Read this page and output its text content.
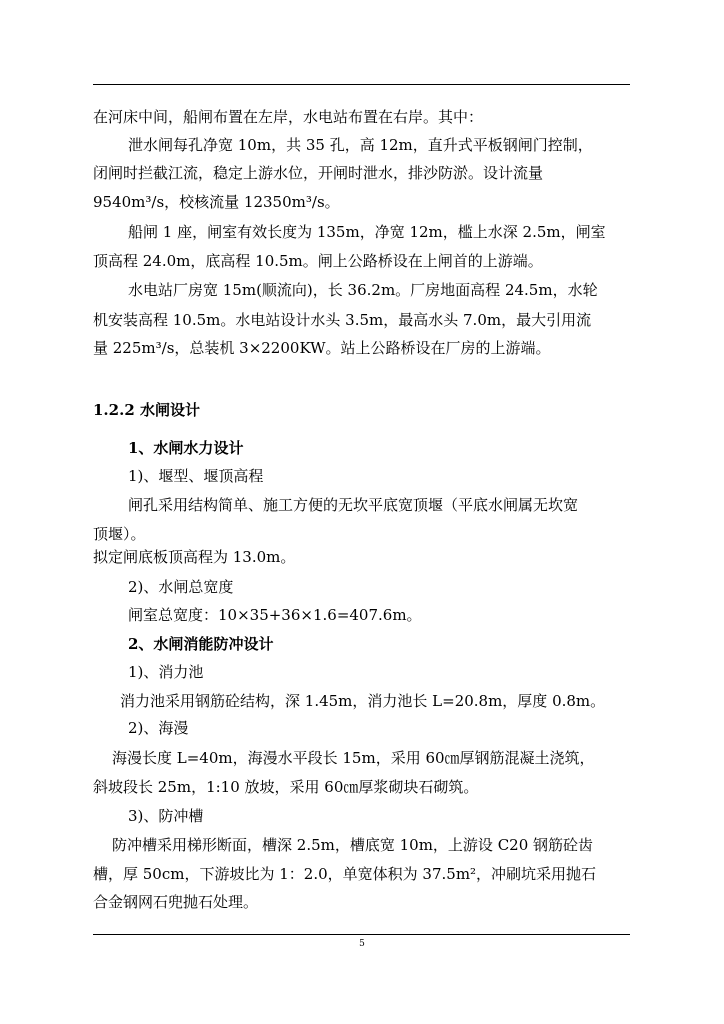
在河床中间，船闸布置在左岸，水电站布置在右岸。其中：
泄水闸每孔净宽 10m，共 35 孔，高 12m，直升式平板钢闸门控制，
闭闸时拦截江流，稳定上游水位，开闸时泄水，排沙防淤。设计流量
9540m³/s，校核流量 12350m³/s。
船闸 1 座，闸室有效长度为 135m，净宽 12m，槛上水深 2.5m，闸室
顶高程 24.0m，底高程 10.5m。闸上公路桥设在上闸首的上游端。
水电站厂房宽 15m(顺流向)，长 36.2m。厂房地面高程 24.5m，水轮
机安装高程 10.5m。水电站设计水头 3.5m，最高水头 7.0m，最大引用流
量 225m³/s，总装机 3×2200KW。站上公路桥设在厂房的上游端。
1.2.2 水闸设计
1、水闸水力设计
1)、堰型、堰顶高程
闸孔采用结构简单、施工方便的无坎平底宽顶堰（平底水闸属无坎宽
顶堰）。
拟定闸底板顶高程为 13.0m。
2)、水闸总宽度
闸室总宽度：10×35+36×1.6=407.6m。
2、水闸消能防冲设计
1)、消力池
消力池采用钢筋砼结构，深 1.45m，消力池长 L=20.8m，厚度 0.8m。
2)、海漫
海漫长度 L=40m，海漫水平段长 15m，采用 60㎝厚钢筋混凝土浇筑，
斜坡段长 25m，1:10 放坡，采用 60㎝厚浆砌块石砌筑。
3)、防冲槽
防冲槽采用梯形断面，槽深 2.5m，槽底宽 10m，上游设 C20 钢筋砼齿
槽，厚 50cm，下游坡比为 1：2.0，单宽体积为 37.5m²，冲刷坑采用抛石
合金钢网石兜抛石处理。
5
